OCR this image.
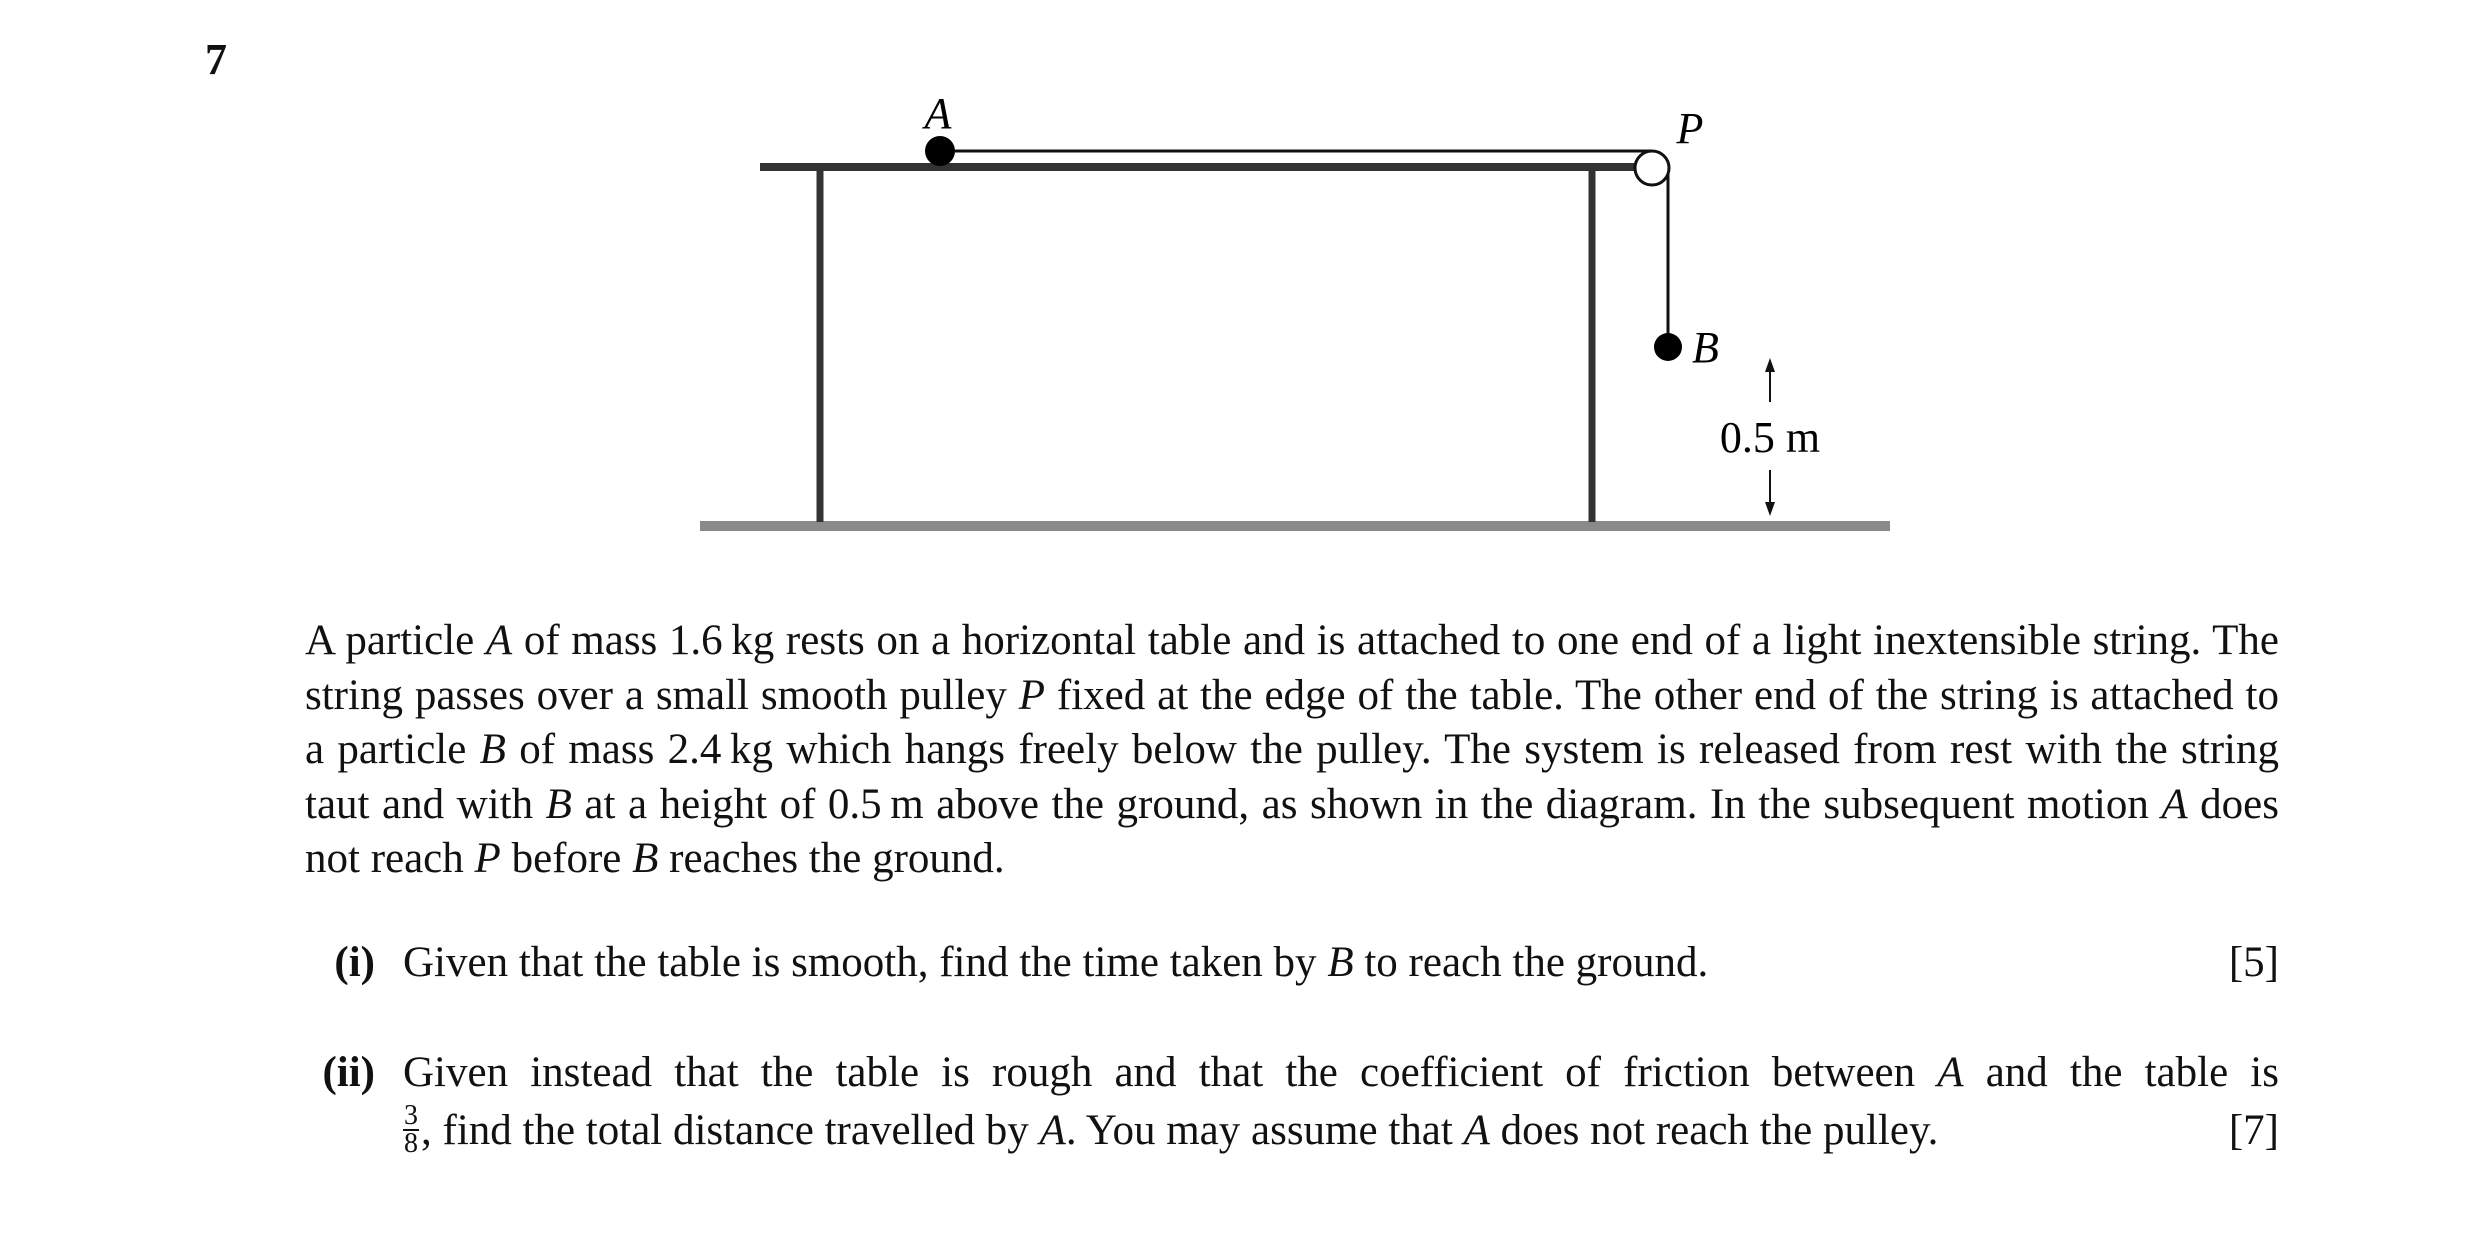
7
A	P
B
0.5 m

A particle A of mass 1.6 kg rests on a horizontal table and is attached to one end of a light inextensible string. The string passes over a small smooth pulley P fixed at the edge of the table. The other end of the string is attached to a particle B of mass 2.4 kg which hangs freely below the pulley. The system is released from rest with the string taut and with B at a height of 0.5 m above the ground, as shown in the diagram. In the subsequent motion A does not reach P before B reaches the ground.

(i) Given that the table is smooth, find the time taken by B to reach the ground.	[5]
(ii) Given instead that the table is rough and that the coefficient of friction between A and the table is
$\frac{3}{8}$ , find the total distance travelled by A. You may assume that A does not reach the pulley.	[7]
